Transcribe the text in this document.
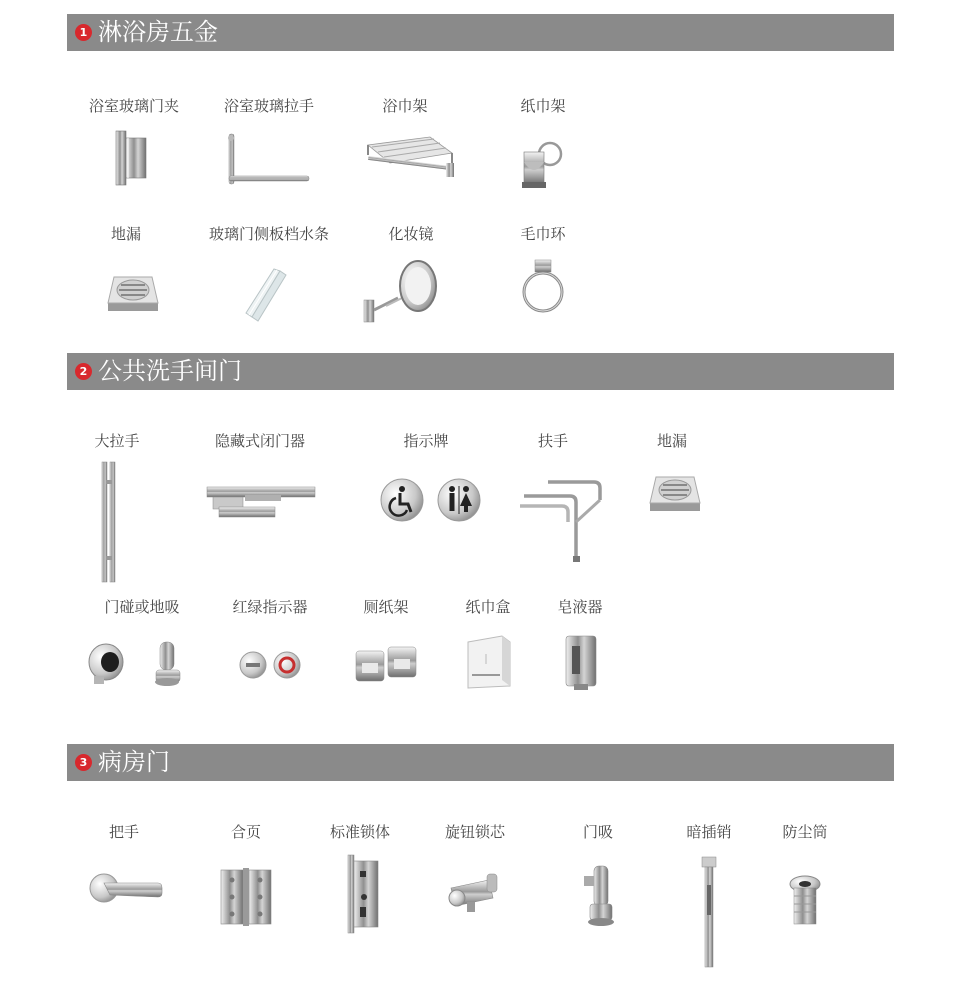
1 淋浴房五金
浴室玻璃门夹	浴室玻璃拉手	浴巾架	纸巾架
地漏	玻璃门侧板档水条	化妆镜	毛巾环
2 公共洗手间门
大拉手	隐藏式闭门器	指示牌	扶手	地漏
门碰或地吸	红绿指示器	厕纸架	纸巾盒	皂液器
3 病房门
把手	合页	标准锁体	旋钮锁芯	门吸	暗插销	防尘筒
